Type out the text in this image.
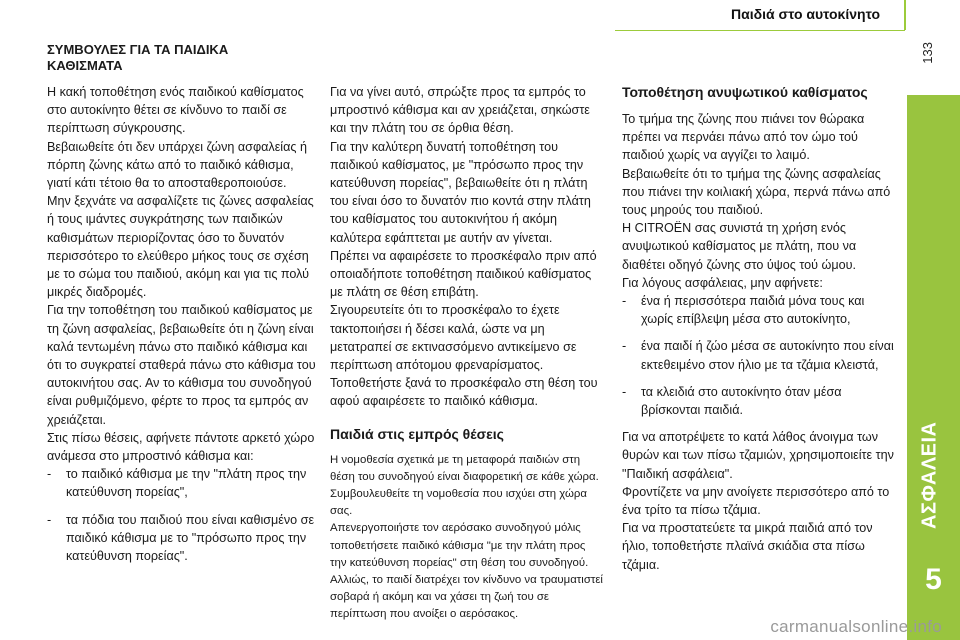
Παιδιά στο αυτοκίνητο
133
ΑΣΦΑΛΕΙΑ
5
ΣΥΜΒΟΥΛΕΣ ΓΙΑ ΤΑ ΠΑΙΔΙΚΑ
ΚΑΘΙΣΜΑΤΑ

Η κακή τοποθέτηση ενός παιδικού καθίσματος στο αυτοκίνητο θέτει σε κίνδυνο το παιδί σε περίπτωση σύγκρουσης.

Βεβαιωθείτε ότι δεν υπάρχει ζώνη ασφαλείας ή πόρπη ζώνης κάτω από το παιδικό κάθισμα, γιατί κάτι τέτοιο θα το αποσταθεροποιούσε.

Μην ξεχνάτε να ασφαλίζετε τις ζώνες ασφαλείας ή τους ιμάντες συγκράτησης των παιδικών καθισμάτων περιορίζοντας όσο το δυνατόν περισσότερο το ελεύθερο μήκος τους σε σχέση με το σώμα του παιδιού, ακόμη και για τις πολύ μικρές διαδρομές.

Για την τοποθέτηση του παιδικού καθίσματος με τη ζώνη ασφαλείας, βεβαιωθείτε ότι η ζώνη είναι καλά τεντωμένη πάνω στο παιδικό κάθισμα και ότι το συγκρατεί σταθερά πάνω στο κάθισμα του αυτοκινήτου σας. Αν το κάθισμα του συνοδηγού είναι ρυθμιζόμενο, φέρτε το προς τα εμπρός αν χρειάζεται.

Στις πίσω θέσεις, αφήνετε πάντοτε αρκετό χώρο ανάμεσα στο μπροστινό κάθισμα και:

- το παιδικό κάθισμα με την "πλάτη προς την κατεύθυνση πορείας",
- τα πόδια του παιδιού που είναι καθισμένο σε παιδικό κάθισμα με το "πρόσωπο προς την κατεύθυνση πορείας".

Για να γίνει αυτό, σπρώξτε προς τα εμπρός το μπροστινό κάθισμα και αν χρειάζεται, σηκώστε και την πλάτη του σε όρθια θέση.

Για την καλύτερη δυνατή τοποθέτηση του παιδικού καθίσματος, με "πρόσωπο προς την κατεύθυνση πορείας", βεβαιωθείτε ότι η πλάτη του είναι όσο το δυνατόν πιο κοντά στην πλάτη του καθίσματος του αυτοκινήτου ή ακόμη καλύτερα εφάπτεται με αυτήν αν γίνεται.

Πρέπει να αφαιρέσετε το προσκέφαλο πριν από οποιαδήποτε τοποθέτηση παιδικού καθίσματος με πλάτη σε θέση επιβάτη.

Σιγουρευτείτε ότι το προσκέφαλο το έχετε τακτοποιήσει ή δέσει καλά, ώστε να μη μετατραπεί σε εκτινασσόμενο αντικείμενο σε περίπτωση απότομου φρεναρίσματος.

Τοποθετήστε ξανά το προσκέφαλο στη θέση του αφού αφαιρέσετε το παιδικό κάθισμα.

Παιδιά στις εμπρός θέσεις

Η νομοθεσία σχετικά με τη μεταφορά παιδιών στη θέση του συνοδηγού είναι διαφορετική σε κάθε χώρα. Συμβουλευθείτε τη νομοθεσία που ισχύει στη χώρα σας.

Απενεργοποιήστε τον αερόσακο συνοδηγού μόλις τοποθετήσετε παιδικό κάθισμα "με την πλάτη προς την κατεύθυνση πορείας" στη θέση του συνοδηγού.

Αλλιώς, το παιδί διατρέχει τον κίνδυνο να τραυματιστεί σοβαρά ή ακόμη και να χάσει τη ζωή του σε περίπτωση που ανοίξει ο αερόσακος.

Τοποθέτηση ανυψωτικού καθίσματος

Το τμήμα της ζώνης που πιάνει τον θώρακα πρέπει να περνάει πάνω από τον ώμο τού παιδιού χωρίς να αγγίζει το λαιμό.

Βεβαιωθείτε ότι το τμήμα της ζώνης ασφαλείας που πιάνει την κοιλιακή χώρα, περνά πάνω από τους μηρούς του παιδιού.

Η CITROËN σας συνιστά τη χρήση ενός ανυψωτικού καθίσματος με πλάτη, που να διαθέτει οδηγό ζώνης στο ύψος τού ώμου.

Για λόγους ασφάλειας, μην αφήνετε:

- ένα ή περισσότερα παιδιά μόνα τους και χωρίς επίβλεψη μέσα στο αυτοκίνητο,
- ένα παιδί ή ζώο μέσα σε αυτοκίνητο που είναι εκτεθειμένο στον ήλιο με τα τζάμια κλειστά,
- τα κλειδιά στο αυτοκίνητο όταν μέσα βρίσκονται παιδιά.

Για να αποτρέψετε το κατά λάθος άνοιγμα των θυρών και των πίσω τζαμιών, χρησιμοποιείτε την "Παιδική ασφάλεια".

Φροντίζετε να μην ανοίγετε περισσότερο από το ένα τρίτο τα πίσω τζάμια.

Για να προστατεύετε τα μικρά παιδιά από τον ήλιο, τοποθετήστε πλαϊνά σκιάδια στα πίσω τζάμια.

carmanualsonline.info
